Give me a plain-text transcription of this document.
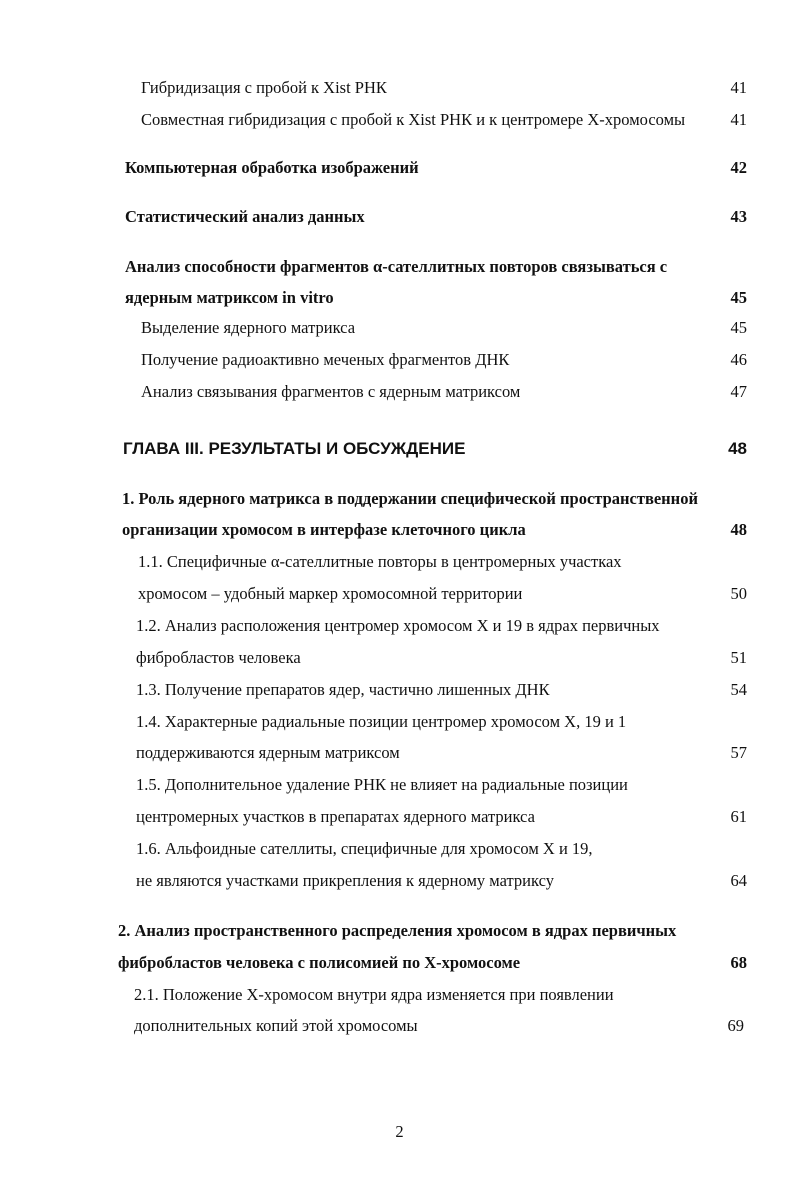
Гибридизация с пробой к Xist РНК	41
Совместная гибридизация с пробой к Xist РНК и к центромере Х-хромосомы	41
Компьютерная обработка изображений	42
Статистический анализ данных	43
Анализ способности фрагментов α-сателлитных повторов связываться с
ядерным матриксом in vitro	45
Выделение ядерного матрикса	45
Получение радиоактивно меченых фрагментов ДНК	46
Анализ связывания фрагментов с ядерным матриксом	47
ГЛАВА III. РЕЗУЛЬТАТЫ И ОБСУЖДЕНИЕ	48
1. Роль ядерного матрикса в поддержании специфической пространственной
организации хромосом в интерфазе клеточного цикла	48
1.1. Специфичные α-сателлитные повторы в центромерных участках
хромосом – удобный маркер хромосомной территории	50
1.2. Анализ расположения центромер хромосом X и 19 в ядрах первичных
фибробластов человека	51
1.3. Получение препаратов ядер, частично лишенных ДНК	54
1.4. Характерные радиальные позиции центромер хромосом X, 19 и 1
поддерживаются ядерным матриксом	57
1.5. Дополнительное удаление РНК не влияет на радиальные позиции
центромерных участков в препаратах ядерного матрикса	61
1.6. Альфоидные сателлиты, специфичные для хромосом X и 19,
не являются участками прикрепления к ядерному матриксу	64
2. Анализ пространственного распределения хромосом в ядрах первичных
фибробластов человека с полисомией по Х-хромосоме	68
2.1. Положение Х-хромосом внутри ядра изменяется при появлении
дополнительных копий этой хромосомы	69
2
